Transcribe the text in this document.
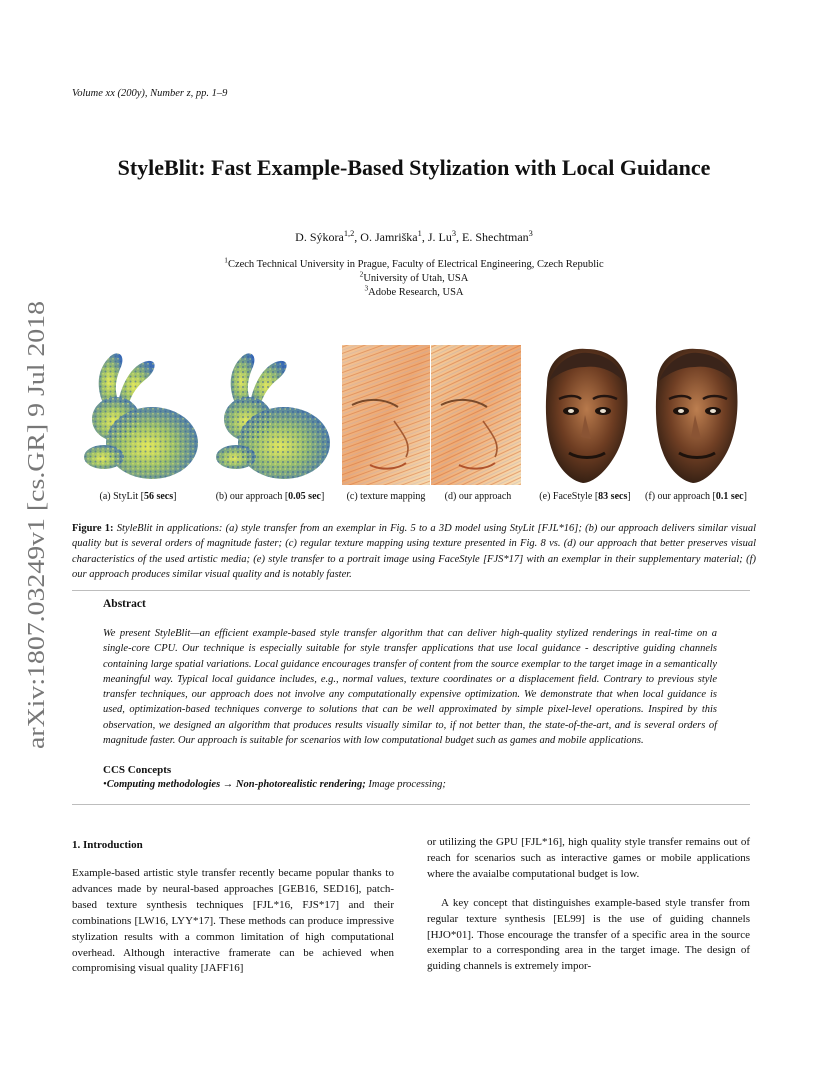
Volume xx (200y), Number z, pp. 1–9
StyleBlit: Fast Example-Based Stylization with Local Guidance
D. Sýkora$^{1,2}$, O. Jamriška$^1$, J. Lu$^3$, E. Shechtman$^3$
$^1$Czech Technical University in Prague, Faculty of Electrical Engineering, Czech Republic
$^2$University of Utah, USA
$^3$Adobe Research, USA
arXiv:1807.03249v1 [cs.GR] 9 Jul 2018	(a) StyLit [56 secs]	(b) our approach [0.05 sec]	(c) texture mapping	(d) our approach	(e) FaceStyle [83 secs]	(f) our approach [0.1 sec]
Figure 1: StyleBlit in applications: (a) style transfer from an exemplar in Fig. 5 to a 3D model using StyLit [FJL*16]; (b) our approach delivers similar visual quality but is several orders of magnitude faster; (c) regular texture mapping using texture presented in Fig. 8 vs. (d) our approach that better preserves visual characteristics of the used artistic media; (e) style transfer to a portrait image using FaceStyle [FJS*17] with an exemplar in their supplementary material; (f) our approach produces similar visual quality and is notably faster.
Abstract
We present StyleBlit—an efficient example-based style transfer algorithm that can deliver high-quality stylized renderings in real-time on a single-core CPU. Our technique is especially suitable for style transfer applications that use local guidance - descriptive guiding channels containing large spatial variations. Local guidance encourages transfer of content from the source exemplar to the target image in a semantically meaningful way. Typical local guidance includes, e.g., normal values, texture coordinates or a displacement field. Contrary to previous style transfer techniques, our approach does not involve any computationally expensive optimization. We demonstrate that when local guidance is used, optimization-based techniques converge to solutions that can be well approximated by simple pixel-level operations. Inspired by this observation, we designed an algorithm that produces results visually similar to, if not better than, the state-of-the-art, and is several orders of magnitude faster. Our approach is suitable for scenarios with low computational budget such as games and mobile applications.
CCS Concepts
•Computing methodologies → Non-photorealistic rendering; Image processing;
1. Introduction

Example-based artistic style transfer recently became popular thanks to advances made by neural-based approaches [GEB16, SED16], patch-based texture synthesis techniques [FJL*16, FJS*17] and their combinations [LW16, LYY*17]. These methods can produce impressive stylization results with a common limitation of high computational overhead. Although interactive framerate can be achieved when compromising visual quality [JAFF16]

or utilizing the GPU [FJL*16], high quality style transfer remains out of reach for scenarios such as interactive games or mobile applications where the avaialbe computational budget is low.

A key concept that distinguishes example-based style transfer from regular texture synthesis [EL99] is the use of guiding channels [HJO*01]. Those encourage the transfer of a specific area in the source exemplar to a corresponding area in the target image. The design of guiding channels is extremely impor-
